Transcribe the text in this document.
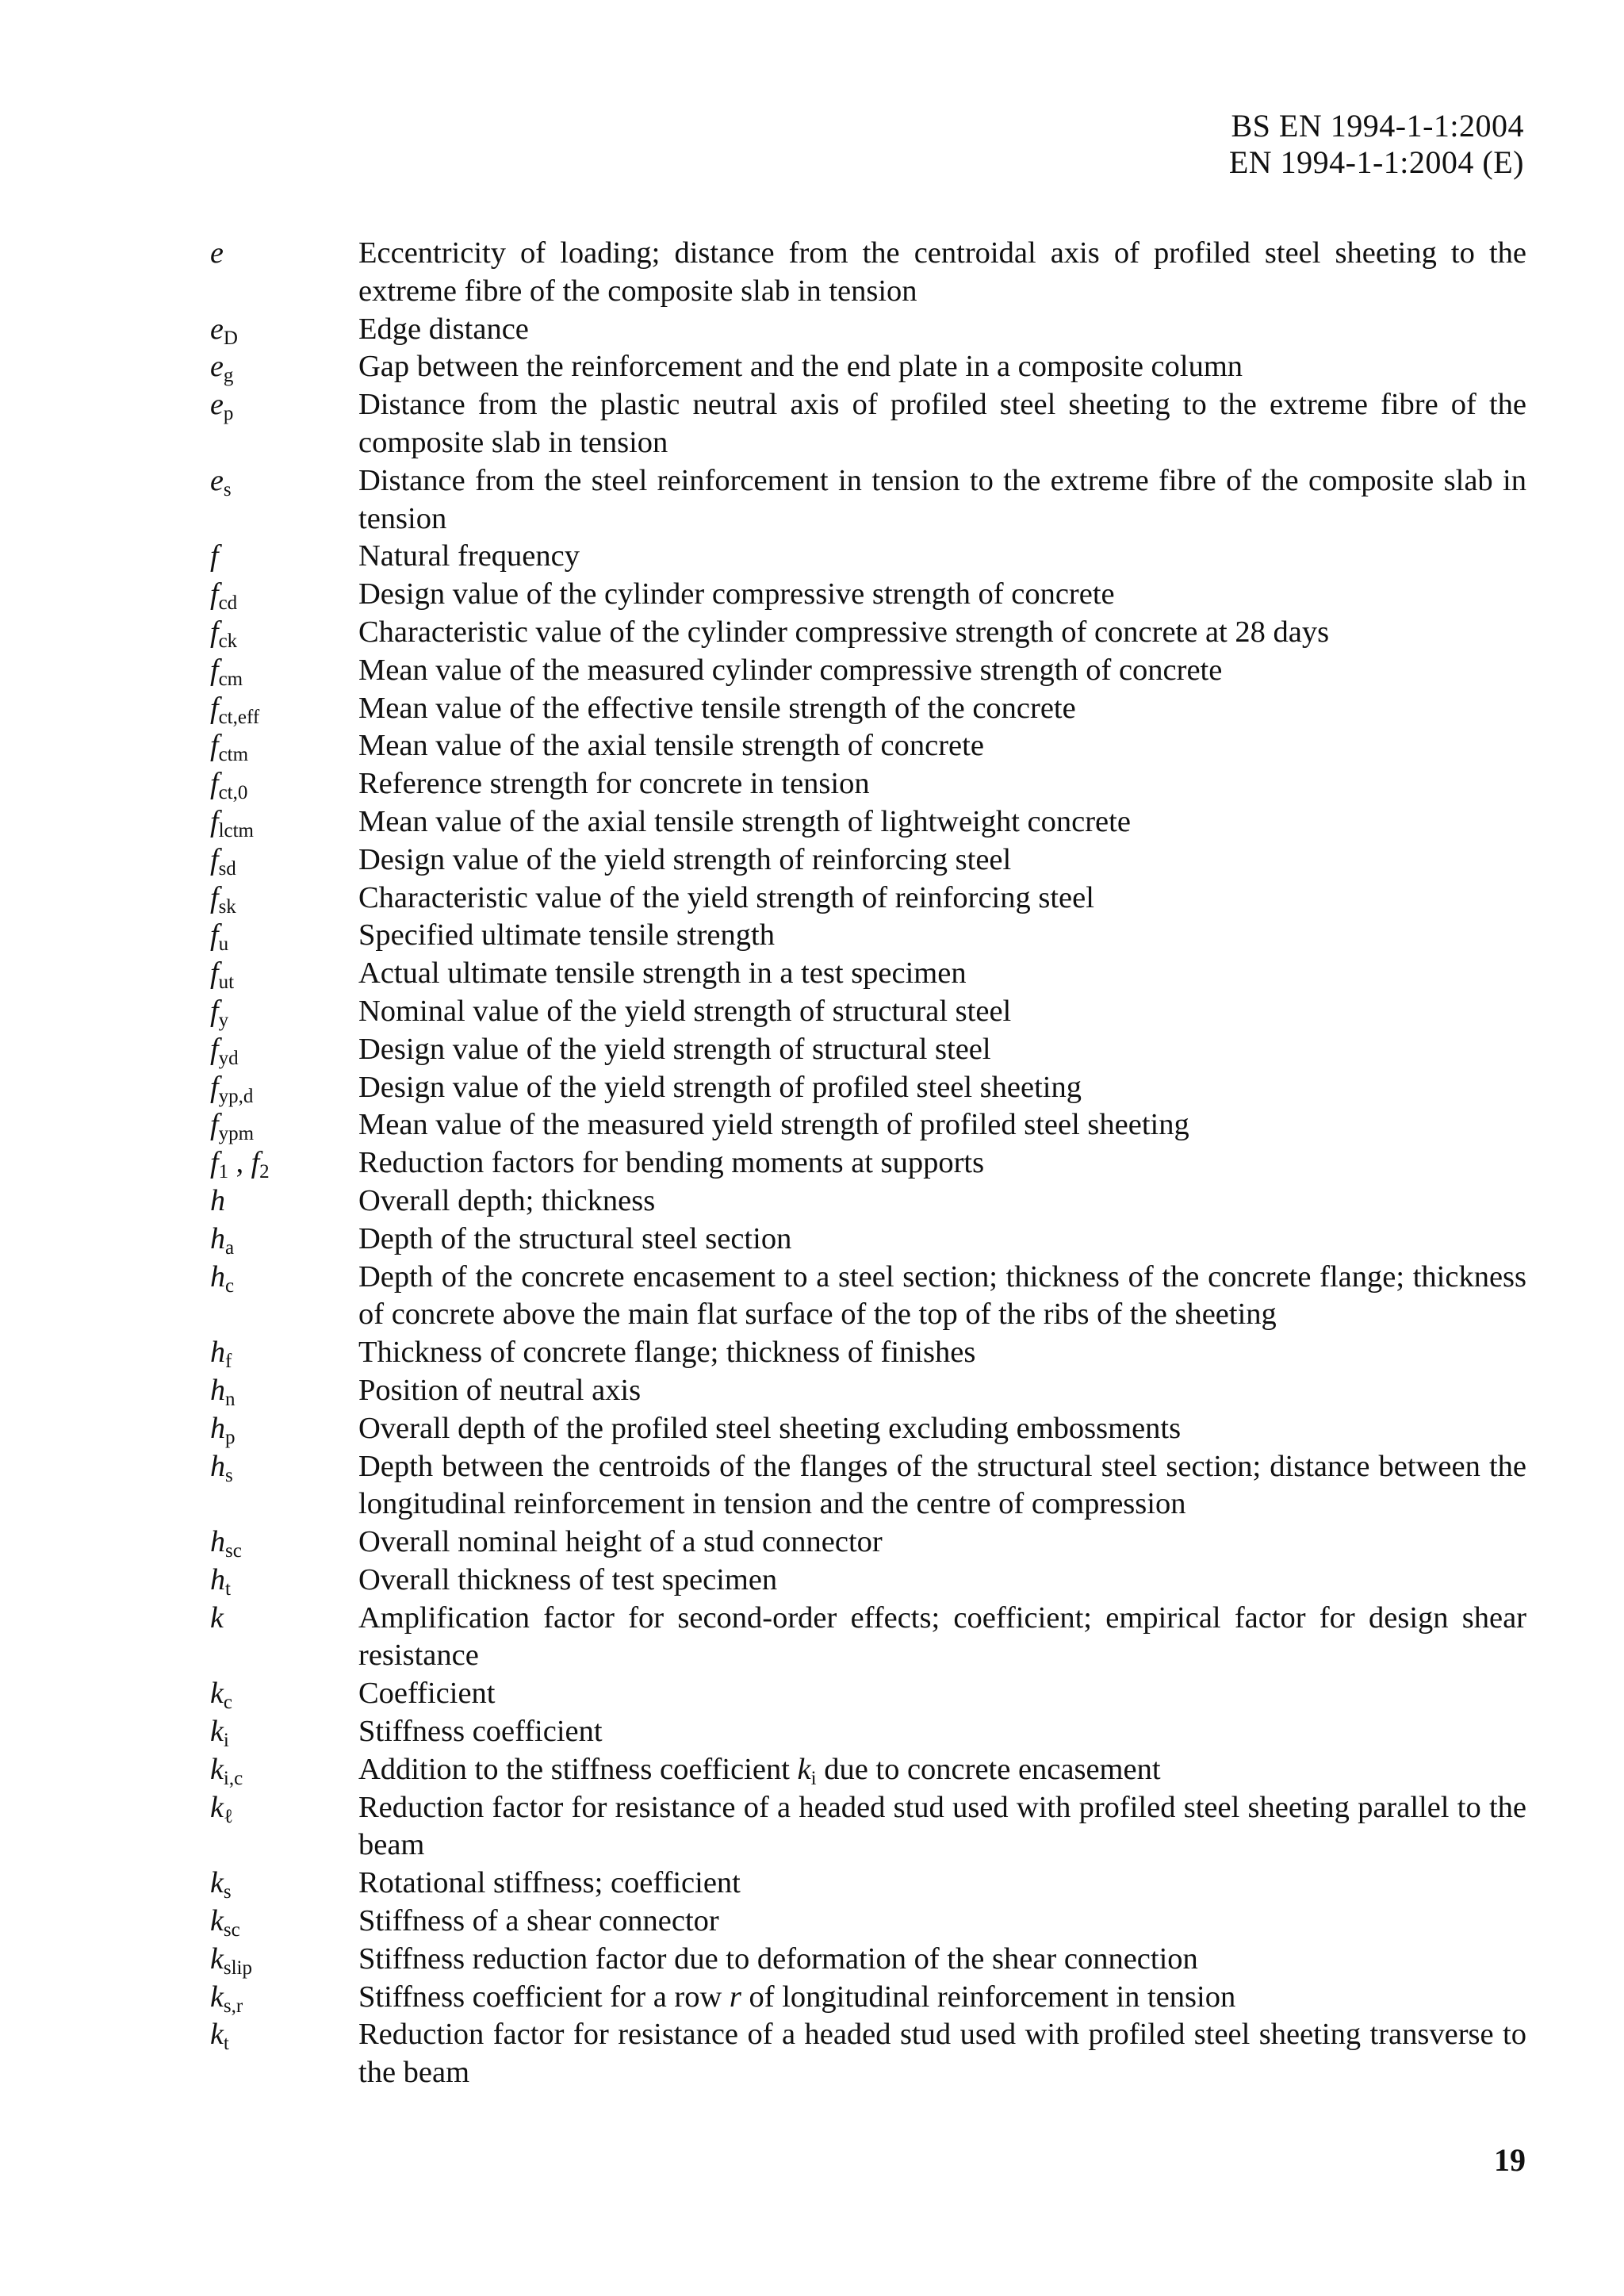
BS EN 1994-1-1:2004
EN 1994-1-1:2004 (E)
e	Eccentricity of loading; distance from the centroidal axis of profiled steel sheeting to the extreme fibre of the composite slab in tension
$e_D$	Edge distance
$e_g$	Gap between the reinforcement and the end plate in a composite column
$e_p$	Distance from the plastic neutral axis of profiled steel sheeting to the extreme fibre of the composite slab in tension
$e_s$	Distance from the steel reinforcement in tension to the extreme fibre of the composite slab in tension
f	Natural frequency
$f_{cd}$	Design value of the cylinder compressive strength of concrete
$f_{ck}$	Characteristic value of the cylinder compressive strength of concrete at 28 days
$f_{cm}$	Mean value of the measured cylinder compressive strength of concrete
$f_{ct,eff}$	Mean value of the effective tensile strength of the concrete
$f_{ctm}$	Mean value of the axial tensile strength of concrete
$f_{ct,0}$	Reference strength for concrete in tension
$f_{lctm}$	Mean value of the axial tensile strength of lightweight concrete
$f_{sd}$	Design value of the yield strength of reinforcing steel
$f_{sk}$	Characteristic value of the yield strength of reinforcing steel
$f_u$	Specified ultimate tensile strength
$f_{ut}$	Actual ultimate tensile strength in a test specimen
$f_y$	Nominal value of the yield strength of structural steel
$f_{yd}$	Design value of the yield strength of structural steel
$f_{yp,d}$	Design value of the yield strength of profiled steel sheeting
$f_{ypm}$	Mean value of the measured yield strength of profiled steel sheeting
$f_1$ , $f_2$	Reduction factors for bending moments at supports
h	Overall depth; thickness
$h_a$	Depth of the structural steel section
$h_c$	Depth of the concrete encasement to a steel section; thickness of the concrete flange; thickness of concrete above the main flat surface of the top of the ribs of the sheeting
$h_f$	Thickness of concrete flange; thickness of finishes
$h_n$	Position of neutral axis
$h_p$	Overall depth of the profiled steel sheeting excluding embossments
$h_s$	Depth between the centroids of the flanges of the structural steel section; distance between the longitudinal reinforcement in tension and the centre of compression
$h_{sc}$	Overall nominal height of a stud connector
$h_t$	Overall thickness of test specimen
k	Amplification factor for second-order effects; coefficient; empirical factor for design shear resistance
$k_c$	Coefficient
$k_i$	Stiffness coefficient
$k_{i,c}$	Addition to the stiffness coefficient $k_i$ due to concrete encasement
$k_\ell$	Reduction factor for resistance of a headed stud used with profiled steel sheeting parallel to the beam
$k_s$	Rotational stiffness; coefficient
$k_{sc}$	Stiffness of a shear connector
$k_{slip}$	Stiffness reduction factor due to deformation of the shear connection
$k_{s,r}$	Stiffness coefficient for a row r of longitudinal reinforcement in tension
$k_t$	Reduction factor for resistance of a headed stud used with profiled steel sheeting transverse to the beam
19
